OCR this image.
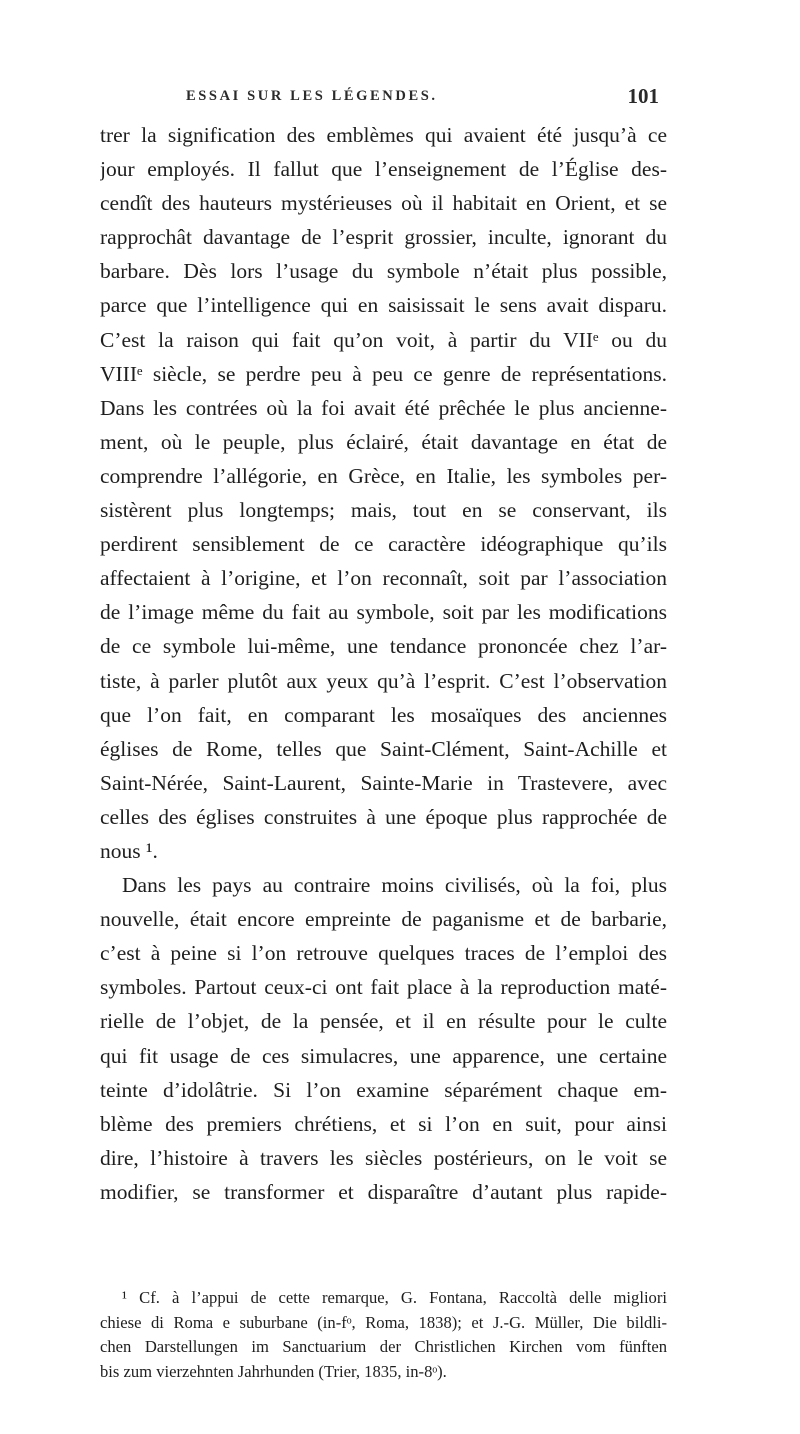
ESSAI SUR LES LÉGENDES.	101
trer la signification des emblèmes qui avaient été jusqu’à ce
jour employés. Il fallut que l’enseignement de l’Église des-
cendît des hauteurs mystérieuses où il habitait en Orient, et se
rapprochât davantage de l’esprit grossier, inculte, ignorant du
barbare. Dès lors l’usage du symbole n’était plus possible,
parce que l’intelligence qui en saisissait le sens avait disparu.
C’est la raison qui fait qu’on voit, à partir du VIIᵉ ou du
VIIIᵉ siècle, se perdre peu à peu ce genre de représentations.
Dans les contrées où la foi avait été prêchée le plus ancienne-
ment, où le peuple, plus éclairé, était davantage en état de
comprendre l’allégorie, en Grèce, en Italie, les symboles per-
sistèrent plus longtemps; mais, tout en se conservant, ils
perdirent sensiblement de ce caractère idéographique qu’ils
affectaient à l’origine, et l’on reconnaît, soit par l’association
de l’image même du fait au symbole, soit par les modifications
de ce symbole lui-même, une tendance prononcée chez l’ar-
tiste, à parler plutôt aux yeux qu’à l’esprit. C’est l’observation
que l’on fait, en comparant les mosaïques des anciennes
églises de Rome, telles que Saint-Clément, Saint-Achille et
Saint-Nérée, Saint-Laurent, Sainte-Marie in Trastevere, avec
celles des églises construites à une époque plus rapprochée de
nous ¹.
Dans les pays au contraire moins civilisés, où la foi, plus
nouvelle, était encore empreinte de paganisme et de barbarie,
c’est à peine si l’on retrouve quelques traces de l’emploi des
symboles. Partout ceux-ci ont fait place à la reproduction maté-
rielle de l’objet, de la pensée, et il en résulte pour le culte
qui fit usage de ces simulacres, une apparence, une certaine
teinte d’idolâtrie. Si l’on examine séparément chaque em-
blème des premiers chrétiens, et si l’on en suit, pour ainsi
dire, l’histoire à travers les siècles postérieurs, on le voit se
modifier, se transformer et disparaître d’autant plus rapide-
¹ Cf. à l’appui de cette remarque, G. Fontana, Raccoltà delle migliori
chiese di Roma e suburbane (in-fᵒ, Roma, 1838); et J.-G. Müller, Die bildli-
chen Darstellungen im Sanctuarium der Christlichen Kirchen vom fünften
bis zum vierzehnten Jahrhunden (Trier, 1835, in-8ᵒ).
